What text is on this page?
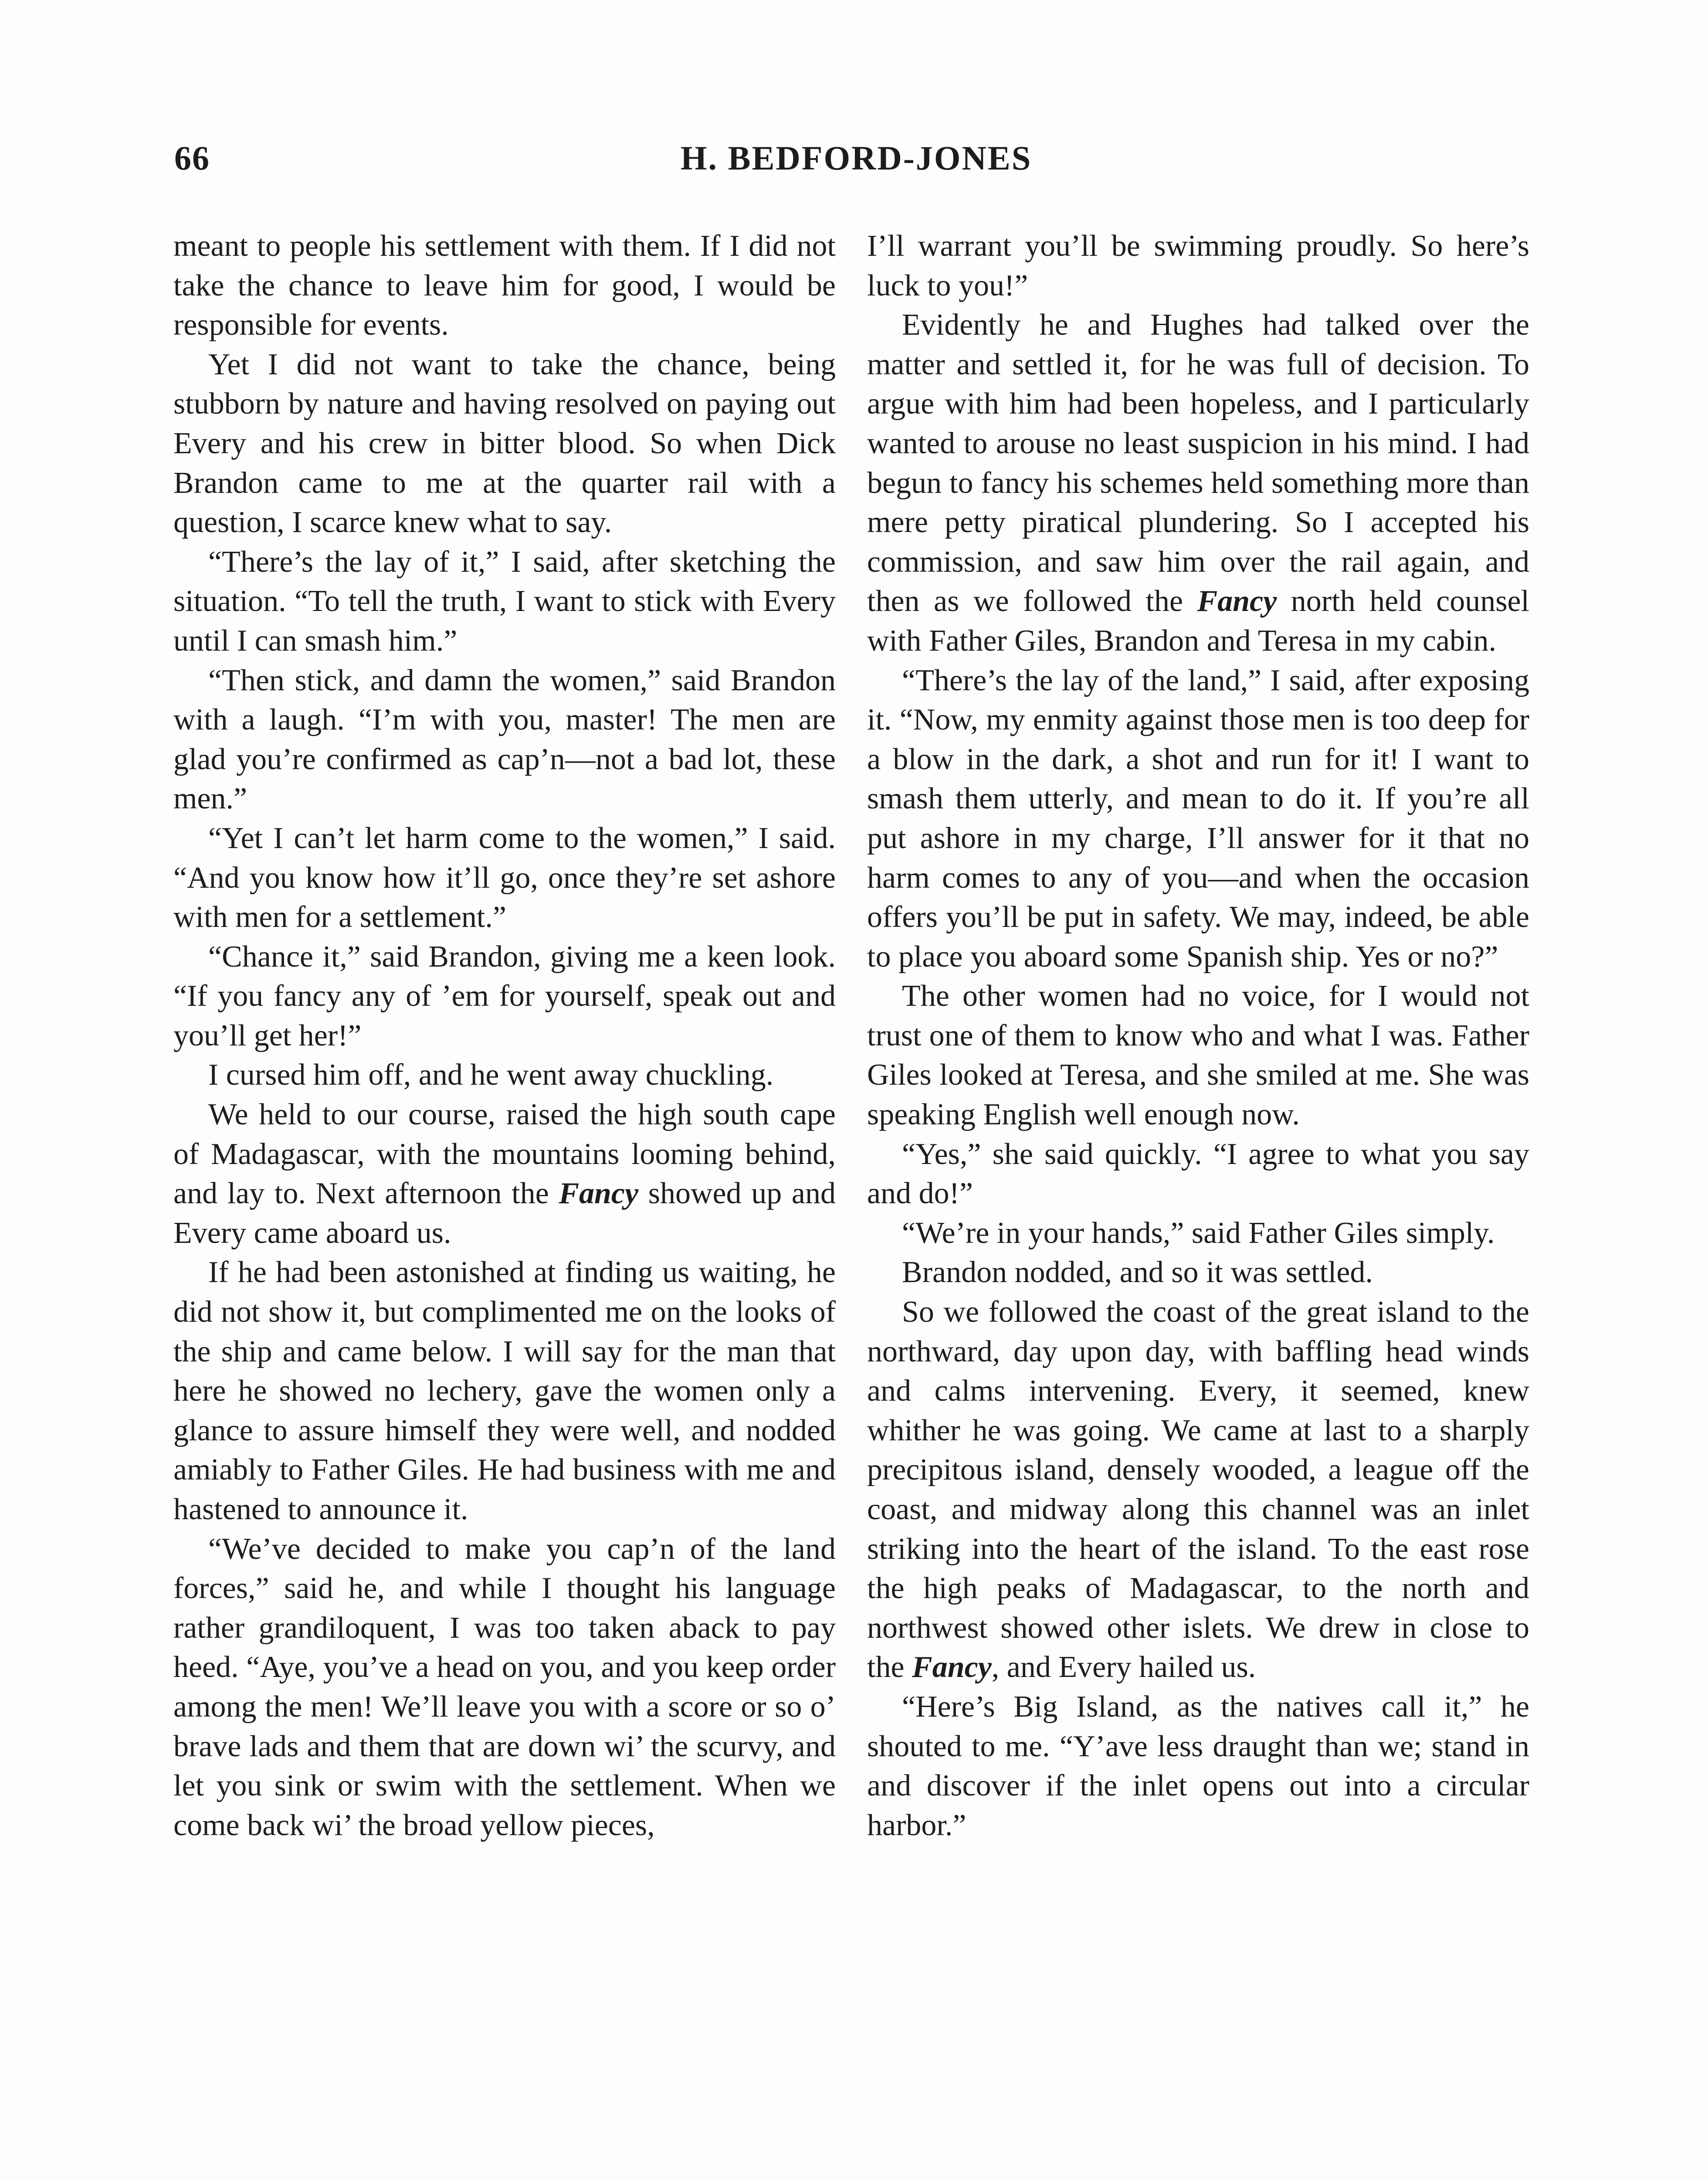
66	H. BEDFORD-JONES

meant to people his settlement with them. If I did not take the chance to leave him for good, I would be responsible for events.

Yet I did not want to take the chance, being stubborn by nature and having resolved on paying out Every and his crew in bitter blood. So when Dick Brandon came to me at the quarter rail with a question, I scarce knew what to say.

“There’s the lay of it,” I said, after sketching the situation. “To tell the truth, I want to stick with Every until I can smash him.”

“Then stick, and damn the women,” said Brandon with a laugh. “I’m with you, master! The men are glad you’re confirmed as cap’n—not a bad lot, these men.”

“Yet I can’t let harm come to the women,” I said. “And you know how it’ll go, once they’re set ashore with men for a settlement.”

“Chance it,” said Brandon, giving me a keen look. “If you fancy any of ’em for yourself, speak out and you’ll get her!”

I cursed him off, and he went away chuckling.

We held to our course, raised the high south cape of Madagascar, with the mountains looming behind, and lay to. Next afternoon the Fancy showed up and Every came aboard us.

If he had been astonished at finding us waiting, he did not show it, but complimented me on the looks of the ship and came below. I will say for the man that here he showed no lechery, gave the women only a glance to assure himself they were well, and nodded amiably to Father Giles. He had business with me and hastened to announce it.

“We’ve decided to make you cap’n of the land forces,” said he, and while I thought his language rather grandiloquent, I was too taken aback to pay heed. “Aye, you’ve a head on you, and you keep order among the men! We’ll leave you with a score or so o’ brave lads and them that are down wi’ the scurvy, and let you sink or swim with the settlement. When we come back wi’ the broad yellow pieces,

I’ll warrant you’ll be swimming proudly. So here’s luck to you!”

Evidently he and Hughes had talked over the matter and settled it, for he was full of decision. To argue with him had been hopeless, and I particularly wanted to arouse no least suspicion in his mind. I had begun to fancy his schemes held something more than mere petty piratical plundering. So I accepted his commission, and saw him over the rail again, and then as we followed the Fancy north held counsel with Father Giles, Brandon and Teresa in my cabin.

“There’s the lay of the land,” I said, after exposing it. “Now, my enmity against those men is too deep for a blow in the dark, a shot and run for it! I want to smash them utterly, and mean to do it. If you’re all put ashore in my charge, I’ll answer for it that no harm comes to any of you—and when the occasion offers you’ll be put in safety. We may, indeed, be able to place you aboard some Spanish ship. Yes or no?”

The other women had no voice, for I would not trust one of them to know who and what I was. Father Giles looked at Teresa, and she smiled at me. She was speaking English well enough now.

“Yes,” she said quickly. “I agree to what you say and do!”

“We’re in your hands,” said Father Giles simply.

Brandon nodded, and so it was settled.

So we followed the coast of the great island to the northward, day upon day, with baffling head winds and calms intervening. Every, it seemed, knew whither he was going. We came at last to a sharply precipitous island, densely wooded, a league off the coast, and midway along this channel was an inlet striking into the heart of the island. To the east rose the high peaks of Madagascar, to the north and northwest showed other islets. We drew in close to the Fancy, and Every hailed us.

“Here’s Big Island, as the natives call it,” he shouted to me. “Y’ave less draught than we; stand in and discover if the inlet opens out into a circular harbor.”
